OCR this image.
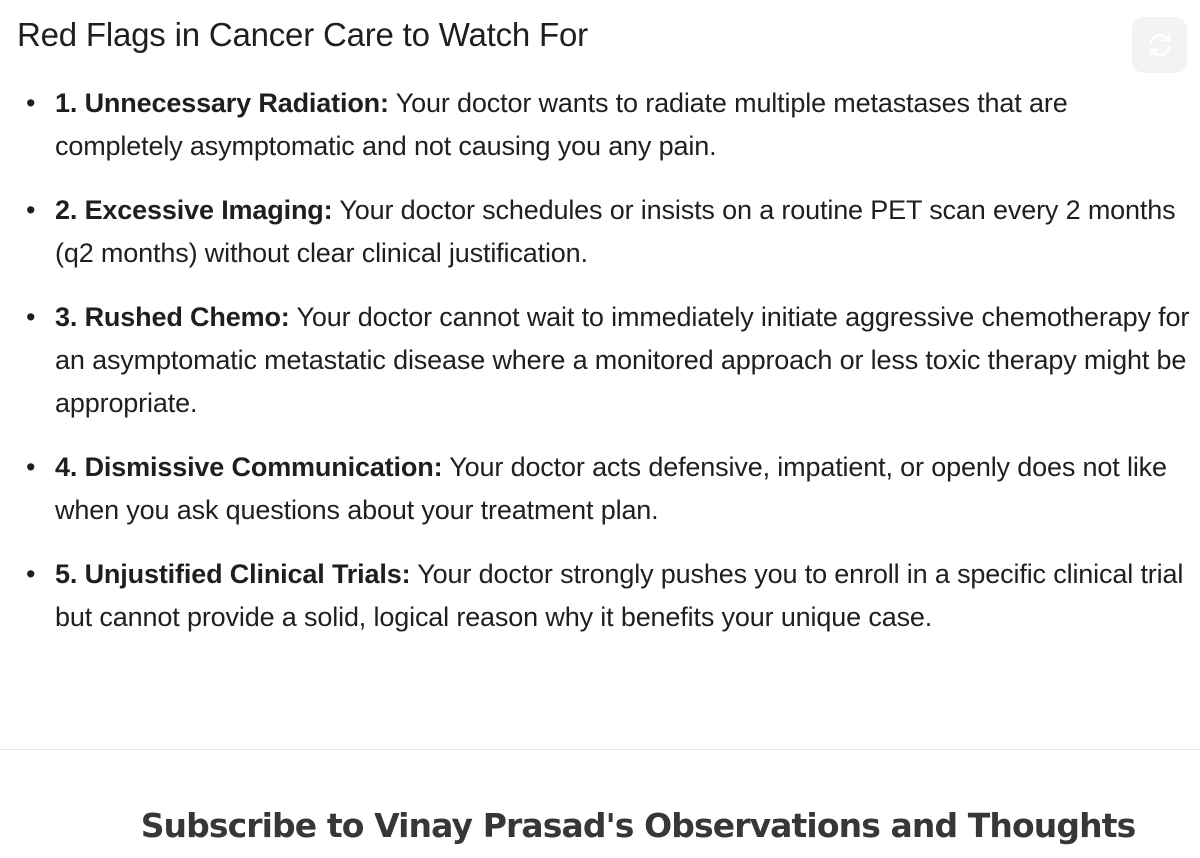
Red Flags in Cancer Care to Watch For
• 1. Unnecessary Radiation: Your doctor wants to radiate multiple metastases that are completely asymptomatic and not causing you any pain.
• 2. Excessive Imaging: Your doctor schedules or insists on a routine PET scan every 2 months (q2 months) without clear clinical justification.
• 3. Rushed Chemo: Your doctor cannot wait to immediately initiate aggressive chemotherapy for an asymptomatic metastatic disease where a monitored approach or less toxic therapy might be appropriate.
• 4. Dismissive Communication: Your doctor acts defensive, impatient, or openly does not like when you ask questions about your treatment plan.
• 5. Unjustified Clinical Trials: Your doctor strongly pushes you to enroll in a specific clinical trial but cannot provide a solid, logical reason why it benefits your unique case.
Subscribe to Vinay Prasad's Observations and Thoughts
